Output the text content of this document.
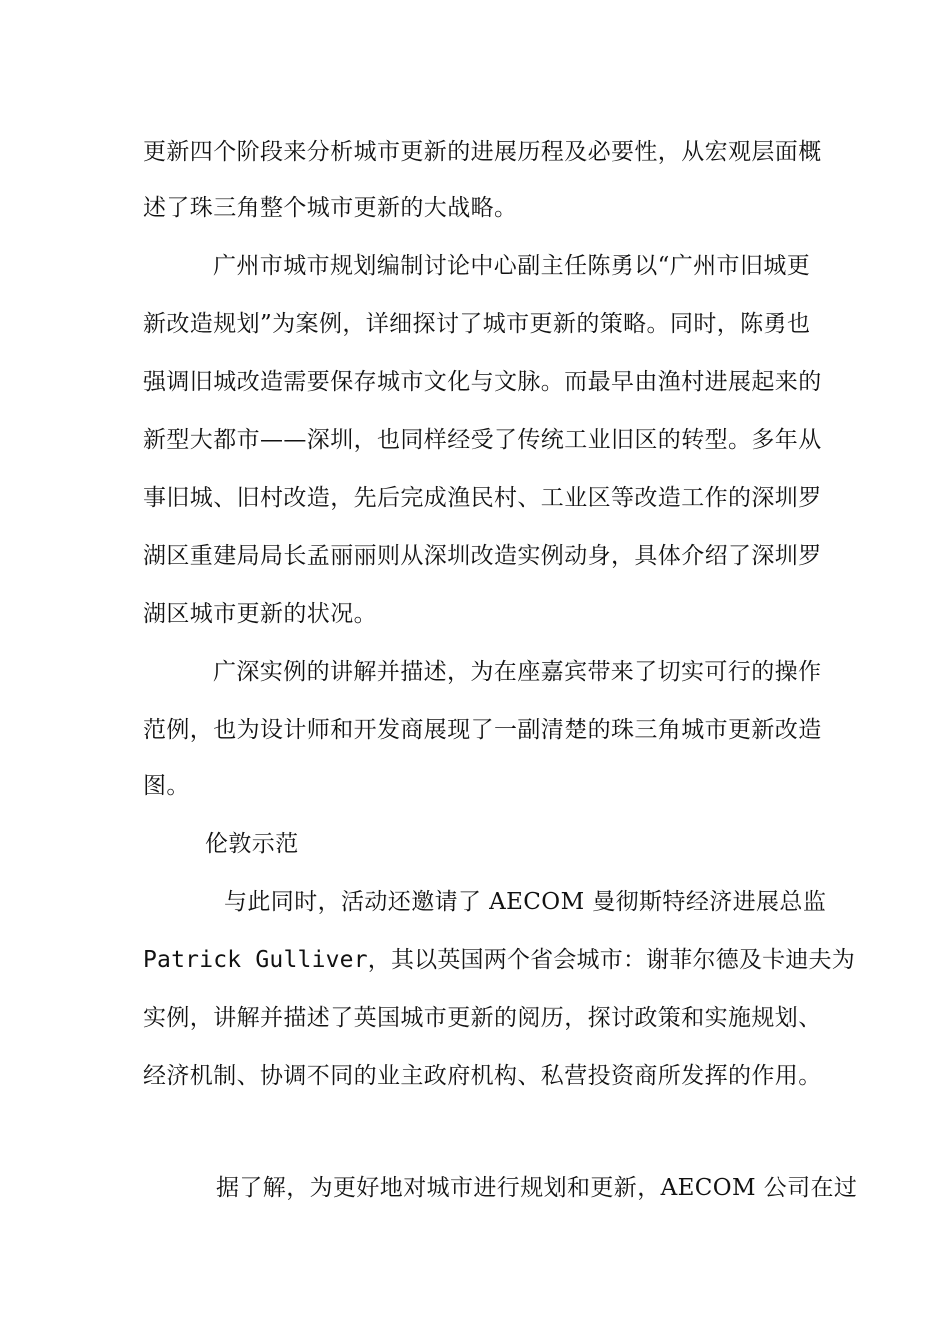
更新四个阶段来分析城市更新的进展历程及必要性，从宏观层面概
述了珠三角整个城市更新的大战略。
广州市城市规划编制讨论中心副主任陈勇以“广州市旧城更
新改造规划”为案例，详细探讨了城市更新的策略。同时，陈勇也
强调旧城改造需要保存城市文化与文脉。而最早由渔村进展起来的
新型大都市——深圳，也同样经受了传统工业旧区的转型。多年从
事旧城、旧村改造，先后完成渔民村、工业区等改造工作的深圳罗
湖区重建局局长孟丽丽则从深圳改造实例动身，具体介绍了深圳罗
湖区城市更新的状况。
广深实例的讲解并描述，为在座嘉宾带来了切实可行的操作
范例，也为设计师和开发商展现了一副清楚的珠三角城市更新改造
图。
伦敦示范
与此同时，活动还邀请了 AECOM 曼彻斯特经济进展总监
Patrick Gulliver，其以英国两个省会城市：谢菲尔德及卡迪夫为
实例，讲解并描述了英国城市更新的阅历，探讨政策和实施规划、
经济机制、协调不同的业主政府机构、私营投资商所发挥的作用。
据了解，为更好地对城市进行规划和更新，AECOM 公司在过
